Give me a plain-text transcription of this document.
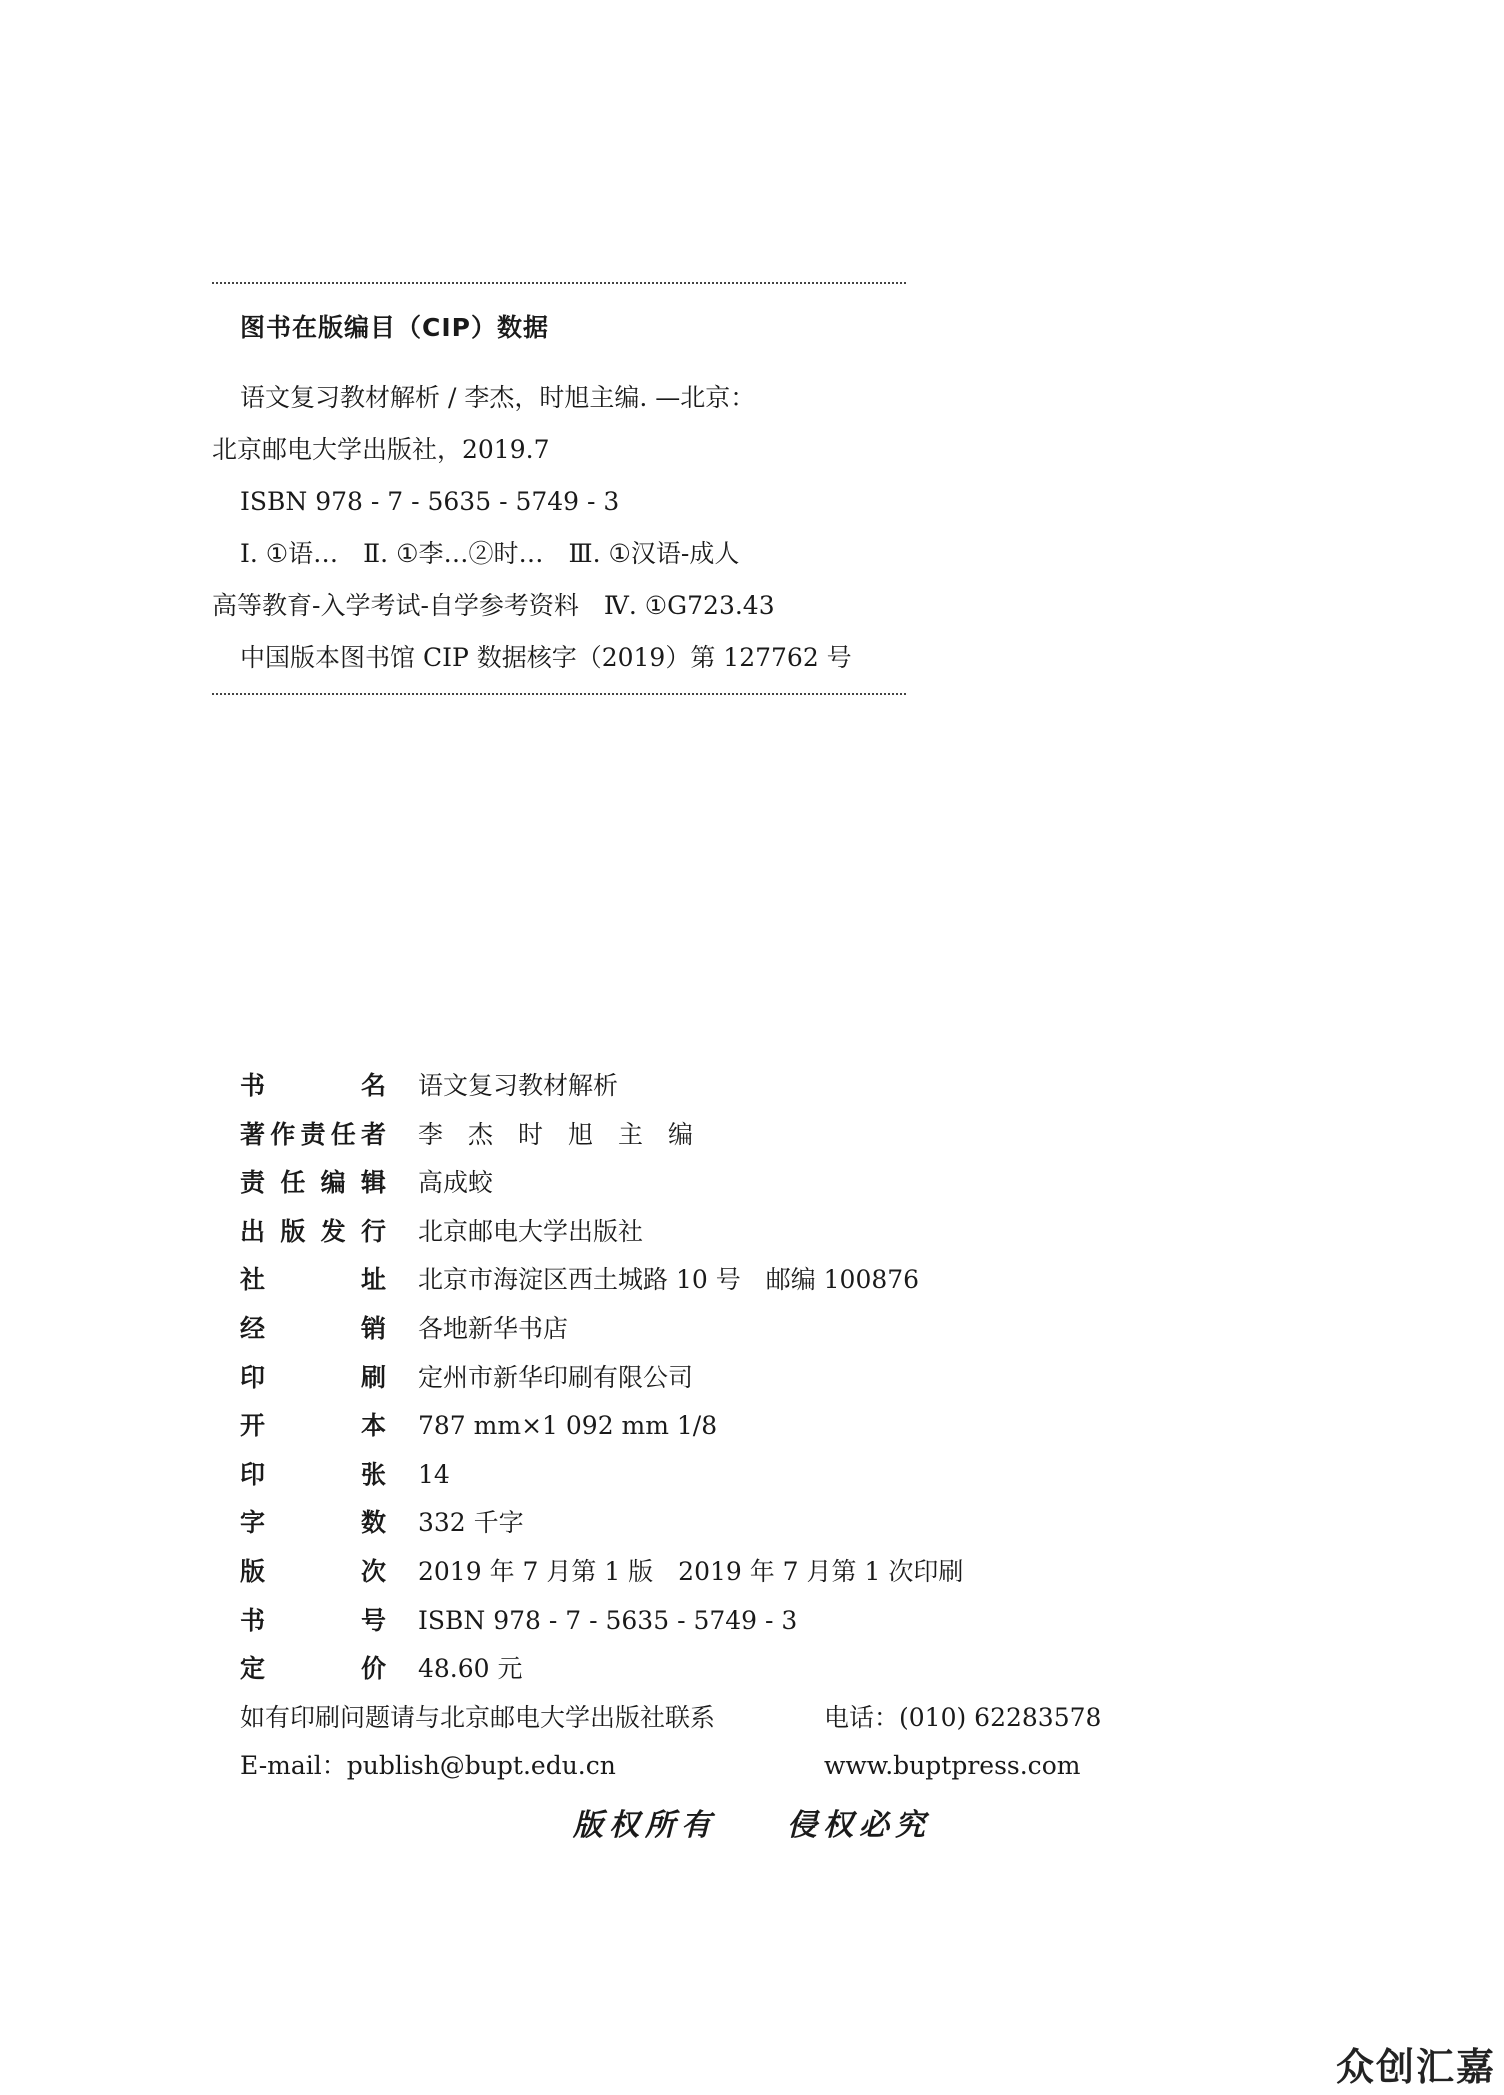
图书在版编目（CIP）数据
语文复习教材解析 / 李杰，时旭主编. —北京：
北京邮电大学出版社，2019.7
ISBN 978 - 7 - 5635 - 5749 - 3
Ⅰ. ①语…　Ⅱ. ①李…②时…　Ⅲ. ①汉语-成人
高等教育-入学考试-自学参考资料　Ⅳ. ①G723.43
中国版本图书馆 CIP 数据核字（2019）第 127762 号
书	名 语文复习教材解析
著 作 责 任 者 李　杰　时　旭　主　编
责 任 编 辑 高成蛟
出 版 发 行 北京邮电大学出版社
社	址 北京市海淀区西土城路 10 号　邮编 100876
经	销 各地新华书店
印	刷 定州市新华印刷有限公司
开	本 787 mm×1 092 mm 1/8
印	张 14
字	数 332 千字
版	次 2019 年 7 月第 1 版　2019 年 7 月第 1 次印刷
书	号 ISBN 978 - 7 - 5635 - 5749 - 3
定	价 48.60 元
如有印刷问题请与北京邮电大学出版社联系	电话：(010) 62283578
E-mail：publish@bupt.edu.cn	www.buptpress.com
版权所有 侵权必究
众创汇嘉
